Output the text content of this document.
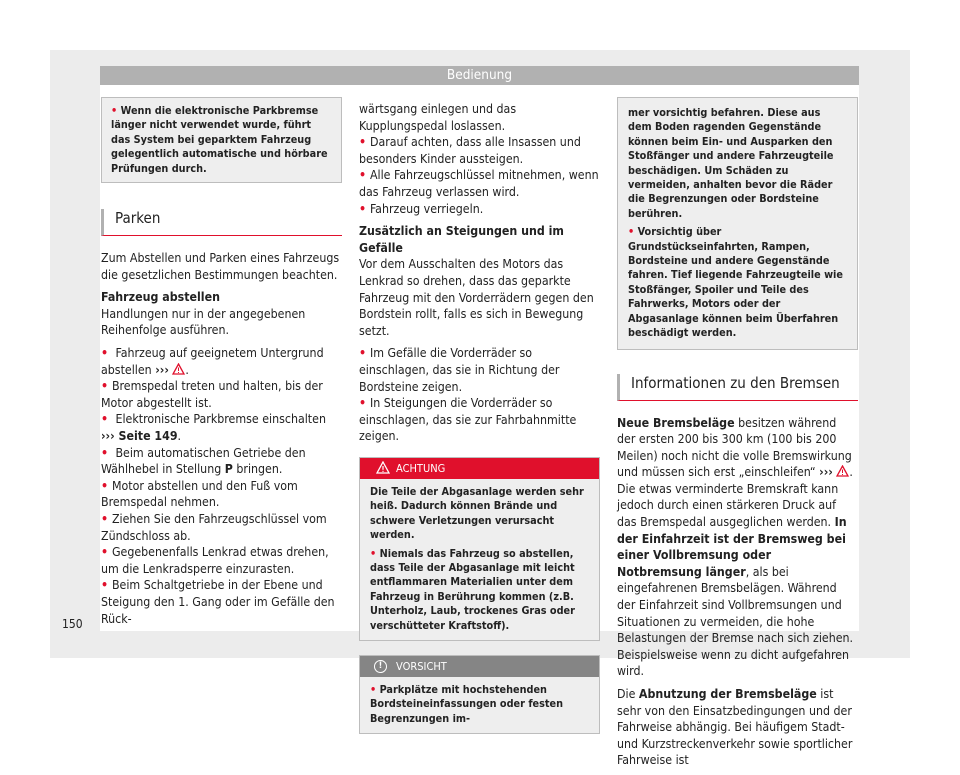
Bedienung
• Wenn die elektronische Parkbremse länger nicht verwendet wurde, führt das System bei geparktem Fahrzeug gelegentlich automatische und hörbare Prüfungen durch.
Parken

Zum Abstellen und Parken eines Fahrzeugs die gesetzlichen Bestimmungen beachten.

Fahrzeug abstellen

Handlungen nur in der angegebenen Reihenfolge ausführen.

• Fahrzeug auf geeignetem Untergrund abstellen ››› .

• Bremspedal treten und halten, bis der Motor abgestellt ist.

• Elektronische Parkbremse einschalten
››› Seite 149.

• Beim automatischen Getriebe den Wählhebel in Stellung P bringen.

• Motor abstellen und den Fuß vom Bremspedal nehmen.

• Ziehen Sie den Fahrzeugschlüssel vom Zündschloss ab.

• Gegebenenfalls Lenkrad etwas drehen, um die Lenkradsperre einzurasten.

• Beim Schaltgetriebe in der Ebene und Steigung den 1. Gang oder im Gefälle den Rück-

wärtsgang einlegen und das Kupplungspedal loslassen.

• Darauf achten, dass alle Insassen und besonders Kinder aussteigen.

• Alle Fahrzeugschlüssel mitnehmen, wenn das Fahrzeug verlassen wird.

• Fahrzeug verriegeln.

Zusätzlich an Steigungen und im Gefälle

Vor dem Ausschalten des Motors das Lenkrad so drehen, dass das geparkte Fahrzeug mit den Vorderrädern gegen den Bordstein rollt, falls es sich in Bewegung setzt.

• Im Gefälle die Vorderräder so einschlagen, das sie in Richtung der Bordsteine zeigen.

• In Steigungen die Vorderräder so einschlagen, das sie zur Fahrbahnmitte zeigen.

ACHTUNG

Die Teile der Abgasanlage werden sehr heiß. Dadurch können Brände und schwere Verletzungen verursacht werden.

• Niemals das Fahrzeug so abstellen, dass Teile der Abgasanlage mit leicht entflammaren Materialien unter dem Fahrzeug in Berührung kommen (z.B. Unterholz, Laub, trockenes Gras oder verschütteter Kraftstoff).

!	VORSICHT

• Parkplätze mit hochstehenden Bordsteineinfassungen oder festen Begrenzungen im-

mer vorsichtig befahren. Diese aus dem Boden ragenden Gegenstände können beim Ein- und Ausparken den Stoßfänger und andere Fahrzeugteile beschädigen. Um Schäden zu vermeiden, anhalten bevor die Räder die Begrenzungen oder Bordsteine berühren.

• Vorsichtig über Grundstückseinfahrten, Rampen, Bordsteine und andere Gegenstände fahren. Tief liegende Fahrzeugteile wie Stoßfänger, Spoiler und Teile des Fahrwerks, Motors oder der Abgasanlage können beim Überfahren beschädigt werden.

Informationen zu den Bremsen

Neue Bremsbeläge besitzen während der ersten 200 bis 300 km (100 bis 200 Meilen) noch nicht die volle Bremswirkung und müssen sich erst „einschleifen“ ››› . Die etwas verminderte Bremskraft kann jedoch durch einen stärkeren Druck auf das Bremspedal ausgeglichen werden. In der Einfahrzeit ist der Bremsweg bei einer Vollbremsung oder Notbremsung länger, als bei eingefahrenen Bremsbelägen. Während der Einfahrzeit sind Vollbremsungen und Situationen zu vermeiden, die hohe Belastungen der Bremse nach sich ziehen. Beispielsweise wenn zu dicht aufgefahren wird.

Die Abnutzung der Bremsbeläge ist sehr von den Einsatzbedingungen und der Fahrweise abhängig. Bei häufigem Stadt- und Kurzstreckenverkehr sowie sportlicher Fahrweise ist

150
